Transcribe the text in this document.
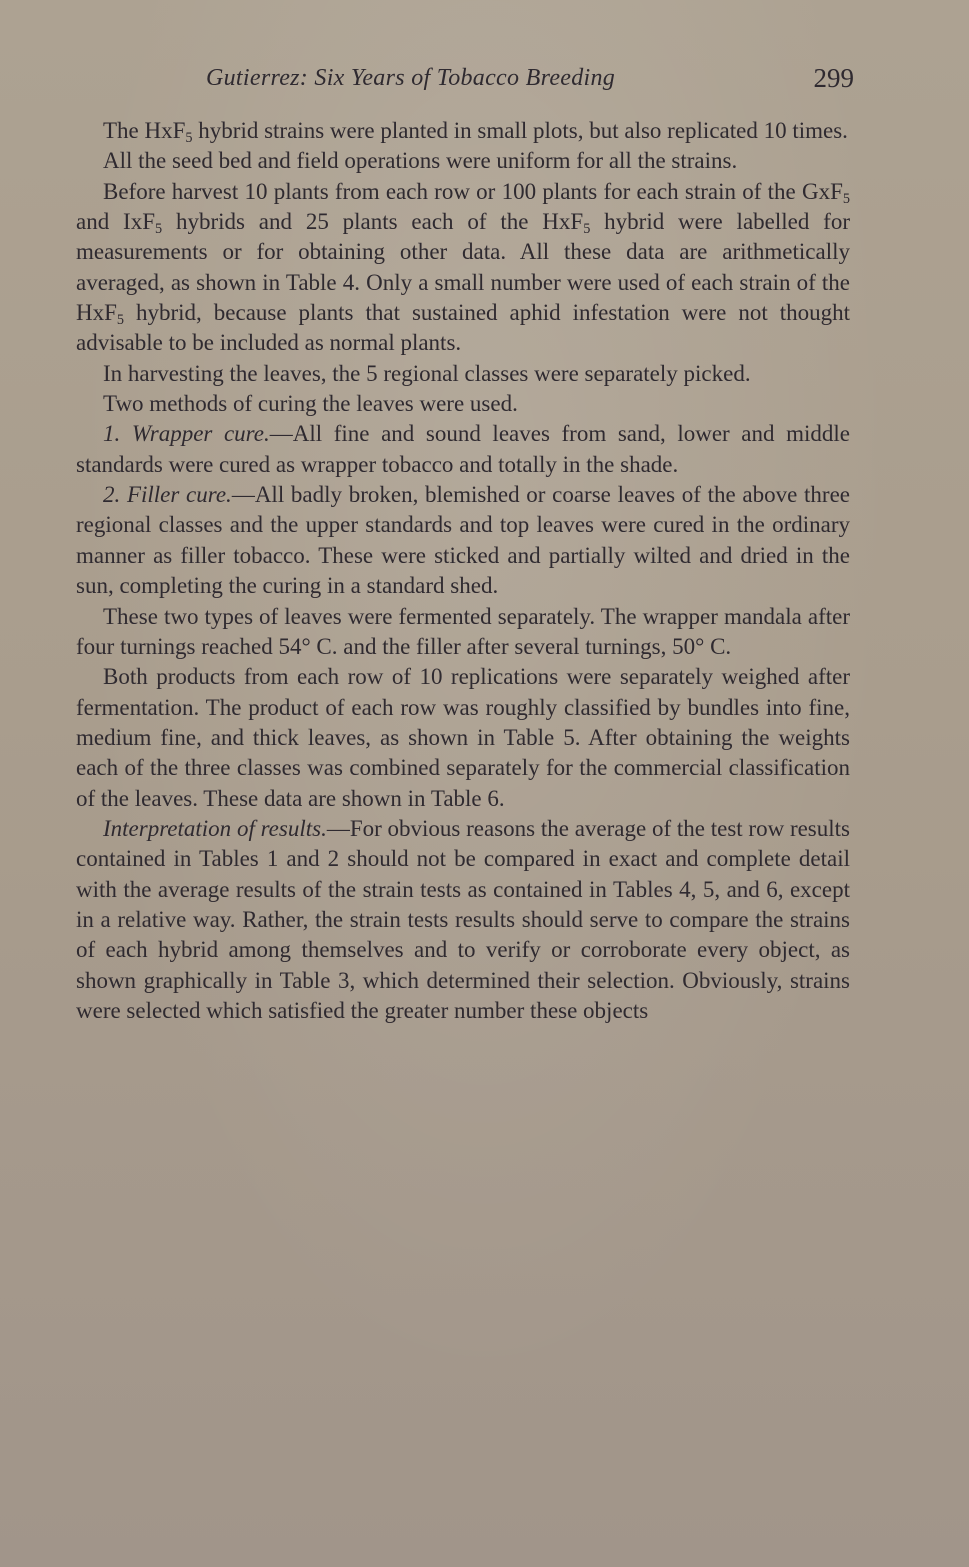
Gutierrez: Six Years of Tobacco Breeding	299

The HxF$_5$ hybrid strains were planted in small plots, but also replicated 10 times.

All the seed bed and field operations were uniform for all the strains.

Before harvest 10 plants from each row or 100 plants for each strain of the GxF$_5$ and IxF$_5$ hybrids and 25 plants each of the HxF$_5$ hybrid were labelled for measurements or for obtaining other data. All these data are arithmetically averaged, as shown in Table 4. Only a small number were used of each strain of the HxF$_5$ hybrid, because plants that sustained aphid infestation were not thought advisable to be included as normal plants.

In harvesting the leaves, the 5 regional classes were separately picked.

Two methods of curing the leaves were used.

1. Wrapper cure.—All fine and sound leaves from sand, lower and middle standards were cured as wrapper tobacco and totally in the shade.

2. Filler cure.—All badly broken, blemished or coarse leaves of the above three regional classes and the upper standards and top leaves were cured in the ordinary manner as filler tobacco. These were sticked and partially wilted and dried in the sun, completing the curing in a standard shed.

These two types of leaves were fermented separately. The wrapper mandala after four turnings reached 54° C. and the filler after several turnings, 50° C.

Both products from each row of 10 replications were separately weighed after fermentation. The product of each row was roughly classified by bundles into fine, medium fine, and thick leaves, as shown in Table 5. After obtaining the weights each of the three classes was combined separately for the commercial classification of the leaves. These data are shown in Table 6.

Interpretation of results.—For obvious reasons the average of the test row results contained in Tables 1 and 2 should not be compared in exact and complete detail with the average results of the strain tests as contained in Tables 4, 5, and 6, except in a relative way. Rather, the strain tests results should serve to compare the strains of each hybrid among themselves and to verify or corroborate every object, as shown graphically in Table 3, which determined their selection. Obviously, strains were selected which satisfied the greater number these objects
